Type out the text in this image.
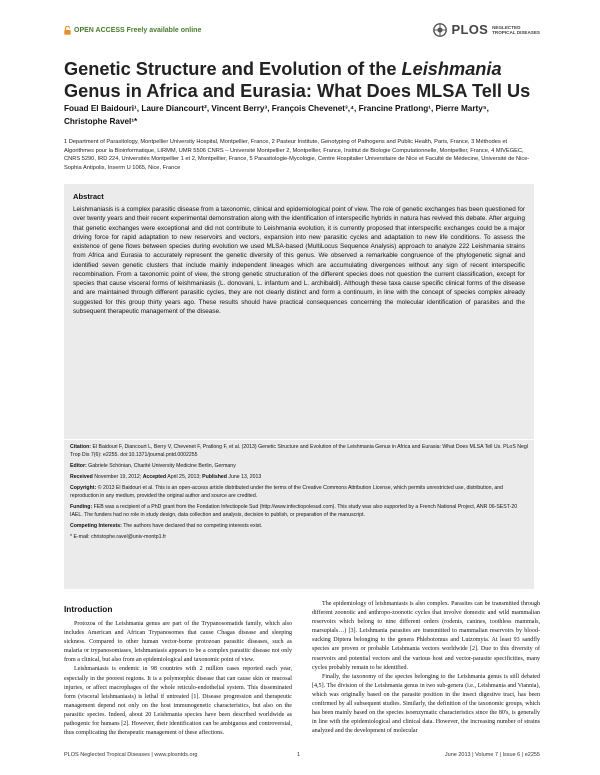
OPEN ACCESS Freely available online	PLOS NEGLECTED
TROPICAL DISEASES
Genetic Structure and Evolution of the Leishmania
Genus in Africa and Eurasia: What Does MLSA Tell Us
Fouad El Baidouri¹, Laure Diancourt², Vincent Berry³, François Chevenet³,⁴, Francine Pratlong¹, Pierre Marty⁵, Christophe Ravel¹*
1 Department of Parasitology, Montpellier University Hospital, Montpellier, France, 2 Pasteur Institute, Genotyping of Pathogens and Public Health, Paris, France, 3 Méthodes et Algorithmes pour la Bioinformatique, LIRMM, UMR 5506 CNRS – Université Montpellier 2, Montpellier, France, Institut de Biologie Computationnelle, Montpellier, France, 4 MIVEGEC, CNRS 5290, IRD 224, Universités Montpellier 1 et 2, Montpellier, France, 5 Parasitologie-Mycologie, Centre Hospitalier Universitaire de Nice et Faculté de Médecine, Université de Nice-Sophia Antipolis, Inserm U 1065, Nice, France
Abstract

Leishmaniasis is a complex parasitic disease from a taxonomic, clinical and epidemiological point of view. The role of genetic exchanges has been questioned for over twenty years and their recent experimental demonstration along with the identification of interspecific hybrids in natura has revived this debate. After arguing that genetic exchanges were exceptional and did not contribute to Leishmania evolution, it is currently proposed that interspecific exchanges could be a major driving force for rapid adaptation to new reservoirs and vectors, expansion into new parasitic cycles and adaptation to new life conditions. To assess the existence of gene flows between species during evolution we used MLSA-based (MultiLocus Sequence Analysis) approach to analyze 222 Leishmania strains from Africa and Eurasia to accurately represent the genetic diversity of this genus. We observed a remarkable congruence of the phylogenetic signal and identified seven genetic clusters that include mainly independent lineages which are accumulating divergences without any sign of recent interspecific recombination. From a taxonomic point of view, the strong genetic structuration of the different species does not question the current classification, except for species that cause visceral forms of leishmaniasis (L. donovani, L. infantum and L. archibaldi). Although these taxa cause specific clinical forms of the disease and are maintained through different parasitic cycles, they are not clearly distinct and form a continuum, in line with the concept of species complex already suggested for this group thirty years ago. These results should have practical consequences concerning the molecular identification of parasites and the subsequent therapeutic management of the disease.

Citation: El Baidouri F, Diancourt L, Berry V, Chevenet F, Pratlong F, et al. (2013) Genetic Structure and Evolution of the Leishmania Genus in Africa and Eurasia: What Does MLSA Tell Us. PLoS Negl Trop Dis 7(6): e2255. doi:10.1371/journal.pntd.0002255
Editor: Gabriele Schönian, Charité University Medicine Berlin, Germany
Received November 19, 2012; Accepted April 25, 2013; Published June 13, 2013
Copyright: © 2013 El Baidouri et al. This is an open-access article distributed under the terms of the Creative Commons Attribution License, which permits unrestricted use, distribution, and reproduction in any medium, provided the original author and source are credited.
Funding: FEB was a recipient of a PhD grant from the Fondation Infectiopole Sud (http://www.infectiopolesud.com). This study was also supported by a French National Project, ANR 06-SEST-20 IAEL. The funders had no role in study design, data collection and analysis, decision to publish, or preparation of the manuscript.
Competing Interests: The authors have declared that no competing interests exist.
* E-mail: christophe.ravel@univ-montp1.fr
Introduction

Protozoa of the Leishmania genus are part of the Trypanosomatids family, which also includes American and African Trypanosomes that cause Chagas disease and sleeping sickness. Compared to other human vector-borne protozoan parasitic diseases, such as malaria or trypanosomiases, leishmaniasis appears to be a complex parasitic disease not only from a clinical, but also from an epidemiological and taxonomic point of view.

Leishmaniasis is endemic in 98 countries with 2 million cases reported each year, especially in the poorest regions. It is a polymorphic disease that can cause skin or mucosal injuries, or affect macrophages of the whole reticulo-endothelial system. This disseminated form (visceral leishmaniasis) is lethal if untreated [1]. Disease progression and therapeutic management depend not only on the host immunogenetic characteristics, but also on the parasitic species. Indeed, about 20 Leishmania species have been described worldwide as pathogenic for humans [2]. However, their identification can be ambiguous and controversial, thus complicating the therapeutic management of these affections.

The epidemiology of leishmaniasis is also complex. Parasites can be transmitted through different zoonotic and anthropo-zoonotic cycles that involve domestic and wild mammalian reservoirs which belong to nine different orders (rodents, canines, toothless mammals, marsupials…) [3]. Leishmania parasites are transmitted to mammalian reservoirs by blood-sucking Diptera belonging to the genera Phlebotomus and Lutzomyia. At least 93 sandfly species are proven or probable Leishmania vectors worldwide [2]. Due to this diversity of reservoirs and potential vectors and the various host and vector-parasite specificities, many cycles probably remain to be identified.

Finally, the taxonomy of the species belonging to the Leishmania genus is still debated [4,5]. The division of the Leishmania genus in two sub-genera (i.e., Leishmania and Viannia), which was originally based on the parasite position in the insect digestive tract, has been confirmed by all subsequent studies. Similarly, the definition of the taxonomic groups, which has been mainly based on the species isoenzymatic characteristics since the 80's, is generally in line with the epidemiological and clinical data. However, the increasing number of strains analyzed and the development of molecular

PLOS Neglected Tropical Diseases | www.plosntds.org	1	June 2013 | Volume 7 | Issue 6 | e2255
